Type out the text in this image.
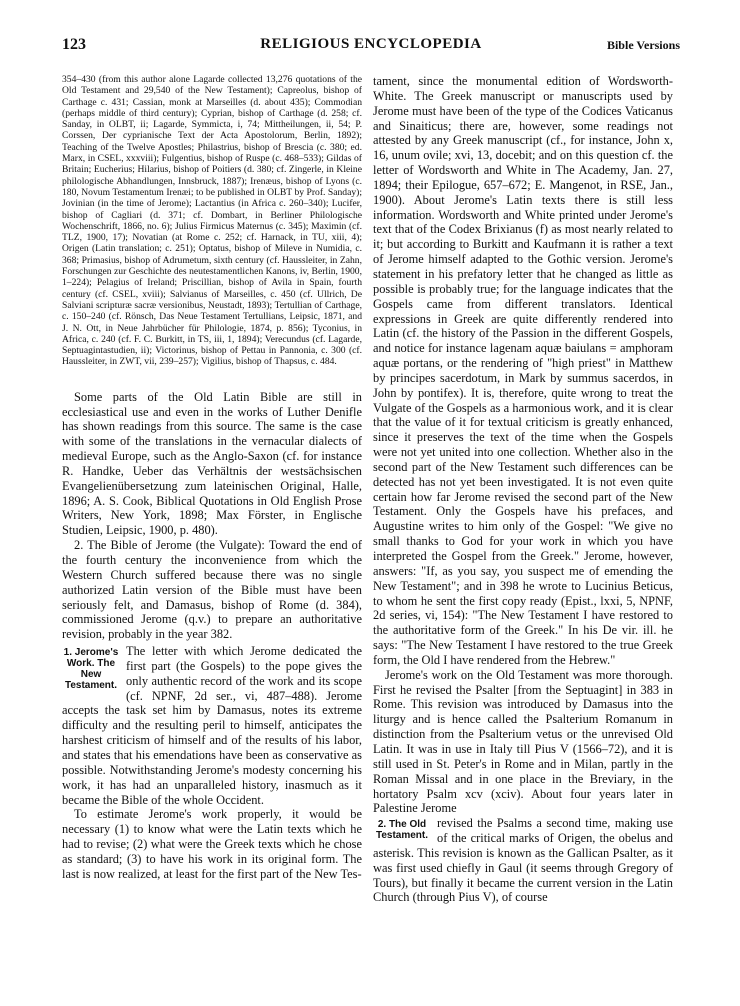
123	RELIGIOUS ENCYCLOPEDIA	Bible Versions

354–430 (from this author alone Lagarde collected 13,276 quotations of the Old Testament and 29,540 of the New Testament); Capreolus, bishop of Carthage c. 431; Cassian, monk at Marseilles (d. about 435); Commodian (perhaps middle of third century); Cyprian, bishop of Carthage (d. 258; cf. Sanday, in OLBT, ii; Lagarde, Symmicta, i, 74; Mittheilungen, ii, 54; P. Corssen, Der cyprianische Text der Acta Apostolorum, Berlin, 1892); Teaching of the Twelve Apostles; Philastrius, bishop of Brescia (c. 380; ed. Marx, in CSEL, xxxviii); Fulgentius, bishop of Ruspe (c. 468–533); Gildas of Britain; Eucherius; Hilarius, bishop of Poitiers (d. 380; cf. Zingerle, in Kleine philologische Abhandlungen, Innsbruck, 1887); Irenæus, bishop of Lyons (c. 180, Novum Testamentum Irenæi; to be published in OLBT by Prof. Sanday); Jovinian (in the time of Jerome); Lactantius (in Africa c. 260–340); Lucifer, bishop of Cagliari (d. 371; cf. Dombart, in Berliner Philologische Wochenschrift, 1866, no. 6); Julius Firmicus Maternus (c. 345); Maximin (cf. TLZ, 1900, 17); Novatian (at Rome c. 252; cf. Harnack, in TU, xiii, 4); Origen (Latin translation; c. 251); Optatus, bishop of Mileve in Numidia, c. 368; Primasius, bishop of Adrumetum, sixth century (cf. Haussleiter, in Zahn, Forschungen zur Geschichte des neutestamentlichen Kanons, iv, Berlin, 1900, 1–224); Pelagius of Ireland; Priscillian, bishop of Avila in Spain, fourth century (cf. CSEL, xviii); Salvianus of Marseilles, c. 450 (cf. Ullrich, De Salviani scripturæ sacræ versionibus, Neustadt, 1893); Tertullian of Carthage, c. 150–240 (cf. Rönsch, Das Neue Testament Tertullians, Leipsic, 1871, and J. N. Ott, in Neue Jahrbücher für Philologie, 1874, p. 856); Tyconius, in Africa, c. 240 (cf. F. C. Burkitt, in TS, iii, 1, 1894); Verecundus (cf. Lagarde, Septuagintastudien, ii); Victorinus, bishop of Pettau in Pannonia, c. 300 (cf. Haussleiter, in ZWT, vii, 239–257); Vigilius, bishop of Thapsus, c. 484.

Some parts of the Old Latin Bible are still in ecclesiastical use and even in the works of Luther Denifle has shown readings from this source. The same is the case with some of the translations in the vernacular dialects of medieval Europe, such as the Anglo-Saxon (cf. for instance R. Handke, Ueber das Verhältnis der westsächsischen Evangelienübersetzung zum lateinischen Original, Halle, 1896; A. S. Cook, Biblical Quotations in Old English Prose Writers, New York, 1898; Max Förster, in Englische Studien, Leipsic, 1900, p. 480).

2. The Bible of Jerome (the Vulgate): Toward the end of the fourth century the inconvenience from which the Western Church suffered because there was no single authorized Latin version of the Bible must have been seriously felt, and Damasus, bishop of Rome (d. 384), commissioned Jerome (q.v.) to prepare an authoritative revision, probably in the year 382.

1. Jerome's Work. The New Testament.
The letter with which Jerome dedicated the first part (the Gospels) to the pope gives the only authentic record of the work and its scope (cf. NPNF, 2d ser., vi, 487–488). Jerome accepts the task set him by Damasus, notes its extreme difficulty and the resulting peril to himself, anticipates the harshest criticism of himself and of the results of his labor, and states that his emendations have been as conservative as possible. Notwithstanding Jerome's modesty concerning his work, it has had an unparalleled history, inasmuch as it became the Bible of the whole Occident.

To estimate Jerome's work properly, it would be necessary (1) to know what were the Latin texts which he had to revise; (2) what were the Greek texts which he chose as standard; (3) to have his work in its original form. The last is now realized, at least for the first part of the New Tes-

tament, since the monumental edition of Wordsworth-White. The Greek manuscript or manuscripts used by Jerome must have been of the type of the Codices Vaticanus and Sinaiticus; there are, however, some readings not attested by any Greek manuscript (cf., for instance, John x, 16, unum ovile; xvi, 13, docebit; and on this question cf. the letter of Wordsworth and White in The Academy, Jan. 27, 1894; their Epilogue, 657–672; E. Mangenot, in RSE, Jan., 1900). About Jerome's Latin texts there is still less information. Wordsworth and White printed under Jerome's text that of the Codex Brixianus (f) as most nearly related to it; but according to Burkitt and Kaufmann it is rather a text of Jerome himself adapted to the Gothic version. Jerome's statement in his prefatory letter that he changed as little as possible is probably true; for the language indicates that the Gospels came from different translators. Identical expressions in Greek are quite differently rendered into Latin (cf. the history of the Passion in the different Gospels, and notice for instance lagenam aquæ baiulans = amphoram aquæ portans, or the rendering of "high priest" in Matthew by principes sacerdotum, in Mark by summus sacerdos, in John by pontifex). It is, therefore, quite wrong to treat the Vulgate of the Gospels as a harmonious work, and it is clear that the value of it for textual criticism is greatly enhanced, since it preserves the text of the time when the Gospels were not yet united into one collection. Whether also in the second part of the New Testament such differences can be detected has not yet been investigated. It is not even quite certain how far Jerome revised the second part of the New Testament. Only the Gospels have his prefaces, and Augustine writes to him only of the Gospel: "We give no small thanks to God for your work in which you have interpreted the Gospel from the Greek." Jerome, however, answers: "If, as you say, you suspect me of emending the New Testament"; and in 398 he wrote to Lucinius Beticus, to whom he sent the first copy ready (Epist., lxxi, 5, NPNF, 2d series, vi, 154): "The New Testament I have restored to the authoritative form of the Greek." In his De vir. ill. he says: "The New Testament I have restored to the true Greek form, the Old I have rendered from the Hebrew."

Jerome's work on the Old Testament was more thorough. First he revised the Psalter [from the Septuagint] in 383 in Rome. This revision was introduced by Damasus into the liturgy and is hence called the Psalterium Romanum in distinction from the Psalterium vetus or the unrevised Old Latin. It was in use in Italy till Pius V (1566–72), and it is still used in St. Peter's in Rome and in Milan, partly in the Roman Missal and in one place in the Breviary, in the hortatory Psalm xcv (xciv). About four years later in Palestine Jerome

2. The Old Testament.
revised the Psalms a second time, making use of the critical marks of Origen, the obelus and asterisk. This revision is known as the Gallican Psalter, as it was first used chiefly in Gaul (it seems through Gregory of Tours), but finally it became the current version in the Latin Church (through Pius V), of course
